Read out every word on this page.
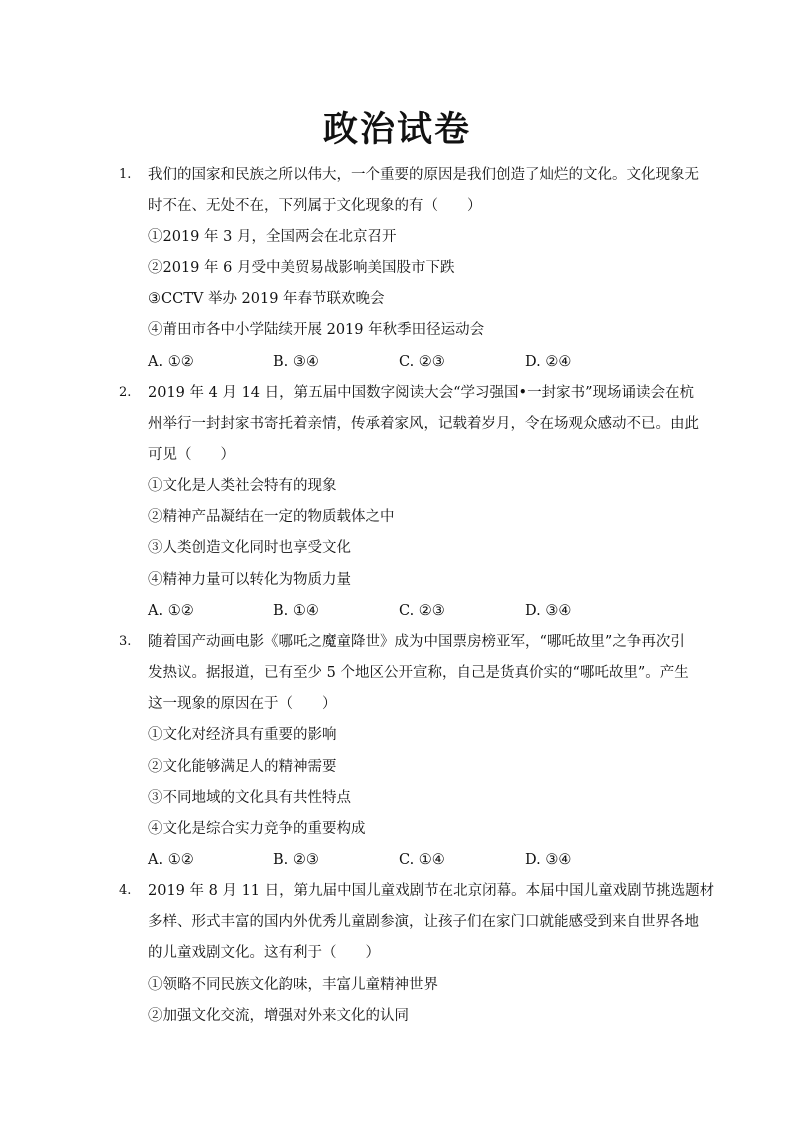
政治试卷
1. 我们的国家和民族之所以伟大，一个重要的原因是我们创造了灿烂的文化。文化现象无
时不在、无处不在，下列属于文化现象的有（　　）
①2019 年 3 月，全国两会在北京召开
②2019 年 6 月受中美贸易战影响美国股市下跌
③CCTV 举办 2019 年春节联欢晚会
④莆田市各中小学陆续开展 2019 年秋季田径运动会
A. ①②	B. ③④	C. ②③	D. ②④
2. 2019 年 4 月 14 日，第五届中国数字阅读大会“学习强国•一封家书”现场诵读会在杭
州举行一封封家书寄托着亲情，传承着家风，记载着岁月，令在场观众感动不已。由此
可见（　　）
①文化是人类社会特有的现象
②精神产品凝结在一定的物质载体之中
③人类创造文化同时也享受文化
④精神力量可以转化为物质力量
A. ①②	B. ①④	C. ②③	D. ③④
3. 随着国产动画电影《哪吒之魔童降世》成为中国票房榜亚军，“哪吒故里”之争再次引
发热议。据报道，已有至少 5 个地区公开宣称，自己是货真价实的“哪吒故里”。产生
这一现象的原因在于（　　）
①文化对经济具有重要的影响
②文化能够满足人的精神需要
③不同地域的文化具有共性特点
④文化是综合实力竞争的重要构成
A. ①②	B. ②③	C. ①④	D. ③④
4. 2019 年 8 月 11 日，第九届中国儿童戏剧节在北京闭幕。本届中国儿童戏剧节挑选题材
多样、形式丰富的国内外优秀儿童剧参演，让孩子们在家门口就能感受到来自世界各地
的儿童戏剧文化。这有利于（　　）
①领略不同民族文化韵味，丰富儿童精神世界
②加强文化交流，增强对外来文化的认同
